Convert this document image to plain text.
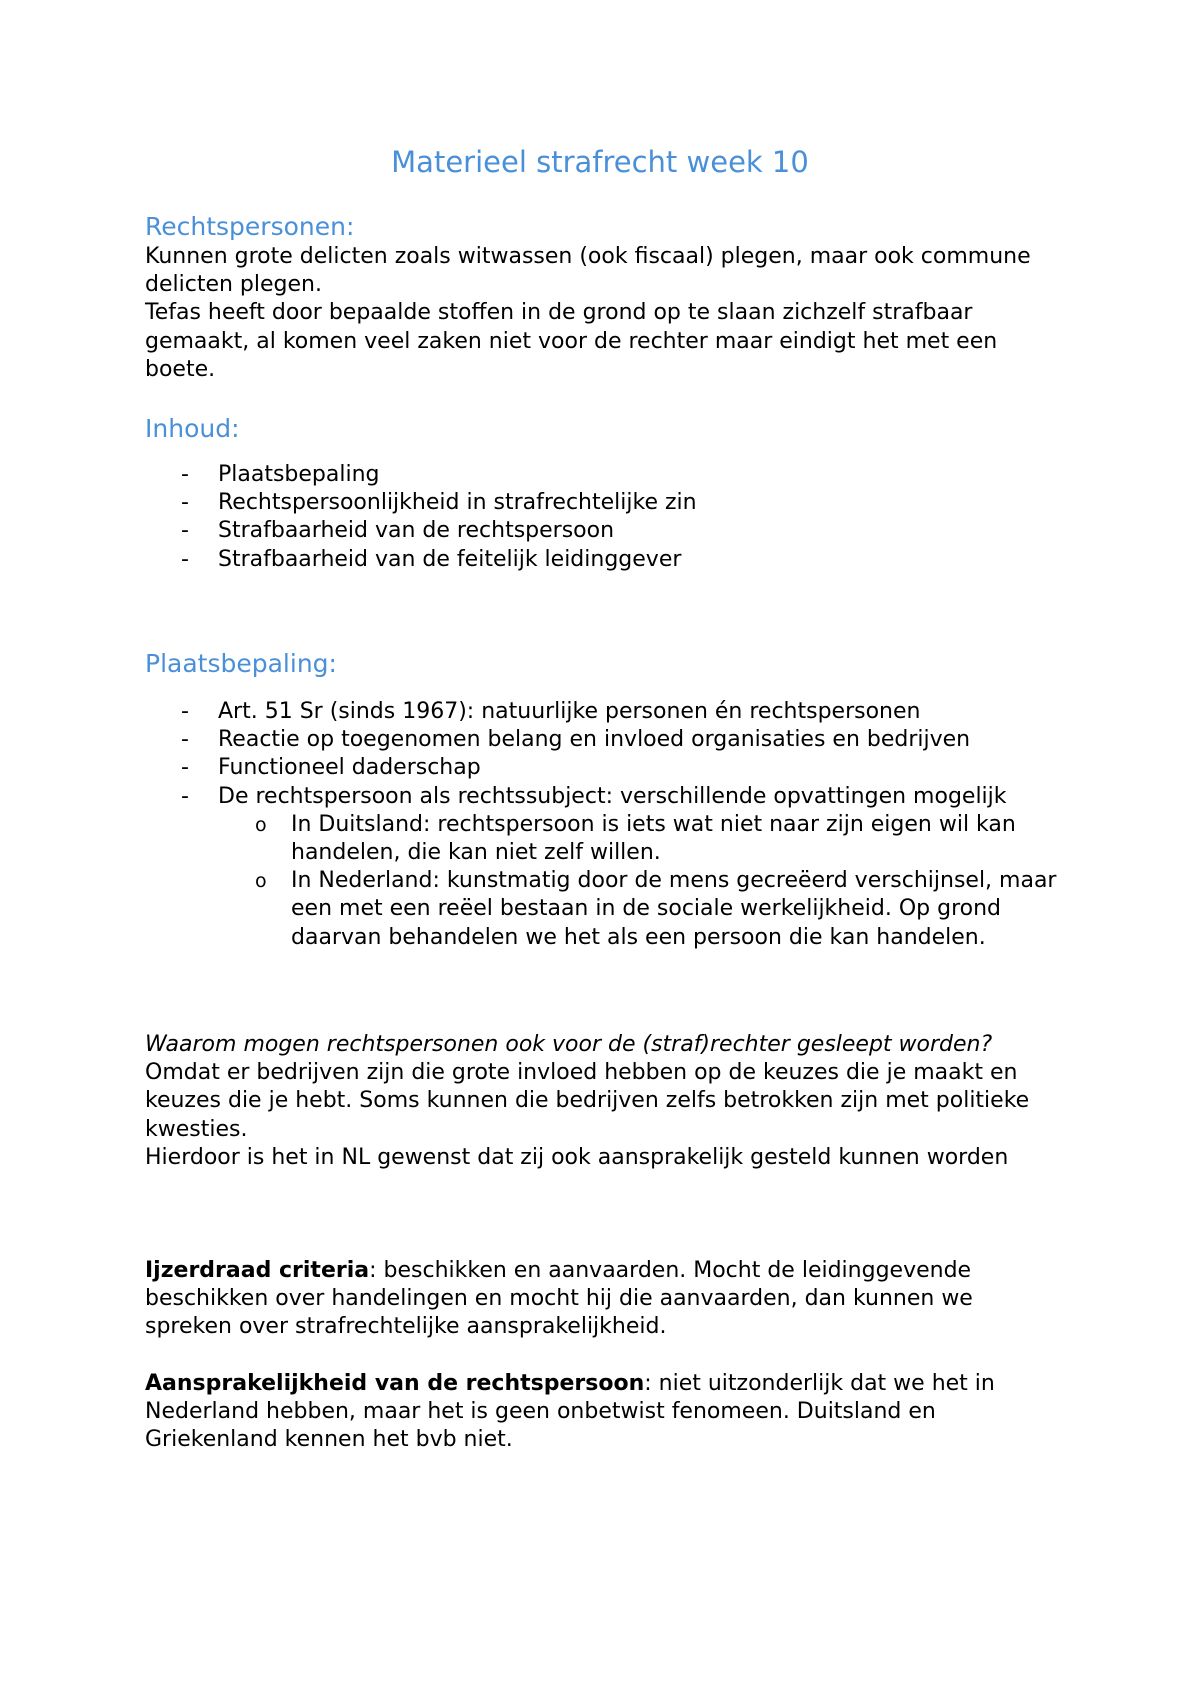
Materieel strafrecht week 10
Rechtspersonen:

Kunnen grote delicten zoals witwassen (ook fiscaal) plegen, maar ook commune delicten plegen.

Tefas heeft door bepaalde stoffen in de grond op te slaan zichzelf strafbaar gemaakt, al komen veel zaken niet voor de rechter maar eindigt het met een boete.

Inhoud:
- Plaatsbepaling
- Rechtspersoonlijkheid in strafrechtelijke zin
- Strafbaarheid van de rechtspersoon
- Strafbaarheid van de feitelijk leidinggever
Plaatsbepaling:
- Art. 51 Sr (sinds 1967): natuurlijke personen én rechtspersonen
- Reactie op toegenomen belang en invloed organisaties en bedrijven
- Functioneel daderschap
- De rechtspersoon als rechtssubject: verschillende opvattingen mogelijk
o In Duitsland: rechtspersoon is iets wat niet naar zijn eigen wil kan handelen, die kan niet zelf willen.
o In Nederland: kunstmatig door de mens gecreëerd verschijnsel, maar een met een reëel bestaan in de sociale werkelijkheid. Op grond daarvan behandelen we het als een persoon die kan handelen.

Waarom mogen rechtspersonen ook voor de (straf)rechter gesleept worden?

Omdat er bedrijven zijn die grote invloed hebben op de keuzes die je maakt en keuzes die je hebt. Soms kunnen die bedrijven zelfs betrokken zijn met politieke kwesties.

Hierdoor is het in NL gewenst dat zij ook aansprakelijk gesteld kunnen worden

Ijzerdraad criteria: beschikken en aanvaarden. Mocht de leidinggevende beschikken over handelingen en mocht hij die aanvaarden, dan kunnen we spreken over strafrechtelijke aansprakelijkheid.

Aansprakelijkheid van de rechtspersoon: niet uitzonderlijk dat we het in Nederland hebben, maar het is geen onbetwist fenomeen. Duitsland en Griekenland kennen het bvb niet.
